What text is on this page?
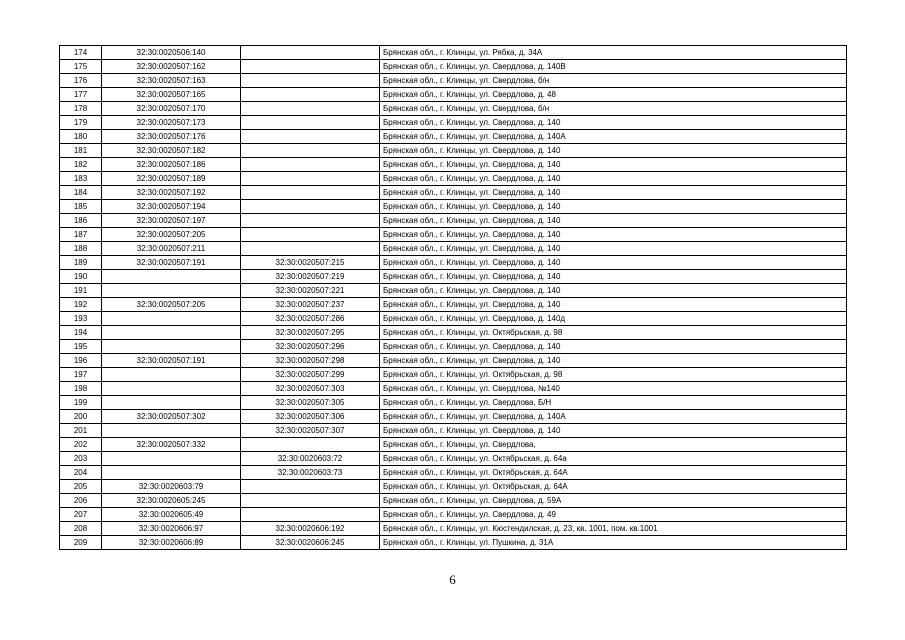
174	32:30:0020506:140		Брянская обл., г. Клинцы, ул. Рябка, д. 34А
175	32:30:0020507:162		Брянская обл., г. Клинцы, ул. Свердлова, д. 140В
176	32:30:0020507:163		Брянская обл., г. Клинцы, ул. Свердлова, б/н
177	32:30:0020507:165		Брянская обл., г. Клинцы, ул. Свердлова, д. 48
178	32:30:0020507:170		Брянская обл., г. Клинцы, ул. Свердлова, б/н
179	32:30:0020507:173		Брянская обл., г. Клинцы, ул. Свердлова, д. 140
180	32:30:0020507:176		Брянская обл., г. Клинцы, ул. Свердлова, д. 140А
181	32:30:0020507:182		Брянская обл., г. Клинцы, ул. Свердлова, д. 140
182	32:30:0020507:186		Брянская обл., г. Клинцы, ул. Свердлова, д. 140
183	32:30:0020507:189		Брянская обл., г. Клинцы, ул. Свердлова, д. 140
184	32:30:0020507:192		Брянская обл., г. Клинцы, ул. Свердлова, д. 140
185	32:30:0020507:194		Брянская обл., г. Клинцы, ул. Свердлова, д. 140
186	32:30:0020507:197		Брянская обл., г. Клинцы, ул. Свердлова, д. 140
187	32:30:0020507:205		Брянская обл., г. Клинцы, ул. Свердлова, д. 140
188	32:30:0020507:211		Брянская обл., г. Клинцы, ул. Свердлова, д. 140
189	32:30:0020507:191	32:30:0020507:215	Брянская обл., г. Клинцы, ул. Свердлова, д. 140
190		32:30:0020507:219	Брянская обл., г. Клинцы, ул. Свердлова, д. 140
191		32:30:0020507:221	Брянская обл., г. Клинцы, ул. Свердлова, д. 140
192	32:30:0020507:205	32:30:0020507:237	Брянская обл., г. Клинцы, ул. Свердлова, д. 140
193		32:30:0020507:286	Брянская обл., г. Клинцы, ул. Свердлова, д. 140д
194		32:30:0020507:295	Брянская обл., г. Клинцы, ул. Октябрьская, д. 98
195		32:30:0020507:296	Брянская обл., г. Клинцы, ул. Свердлова, д. 140
196	32:30:0020507:191	32:30:0020507:298	Брянская обл., г. Клинцы, ул. Свердлова, д. 140
197		32:30:0020507:299	Брянская обл., г. Клинцы, ул. Октябрьская, д. 98
198		32:30:0020507:303	Брянская обл., г. Клинцы, ул. Свердлова, №140
199		32:30:0020507:305	Брянская обл., г. Клинцы, ул. Свердлова, Б/Н
200	32:30:0020507:302	32:30:0020507:306	Брянская обл., г. Клинцы, ул. Свердлова, д. 140А
201		32:30:0020507:307	Брянская обл., г. Клинцы, ул. Свердлова, д. 140
202	32:30:0020507:332		Брянская обл., г. Клинцы, ул. Свердлова,
203		32:30:0020603:72	Брянская обл., г. Клинцы, ул. Октябрьская, д. 64а
204		32:30:0020603:73	Брянская обл., г. Клинцы, ул. Октябрьская, д. 64А
205	32:30:0020603:79		Брянская обл., г. Клинцы, ул. Октябрьская, д. 64А
206	32:30:0020605:245		Брянская обл., г. Клинцы, ул. Свердлова, д. 59А
207	32:30:0020605:49		Брянская обл., г. Клинцы, ул. Свердлова, д. 49
208	32:30:0020606:97	32:30:0020606:192	Брянская обл., г. Клинцы, ул. Кюстендилская, д. 23, кв. 1001, пом. кв.1001
209	32:30:0020606:89	32:30:0020606:245	Брянская обл., г. Клинцы, ул. Пушкина, д. 31А
6
